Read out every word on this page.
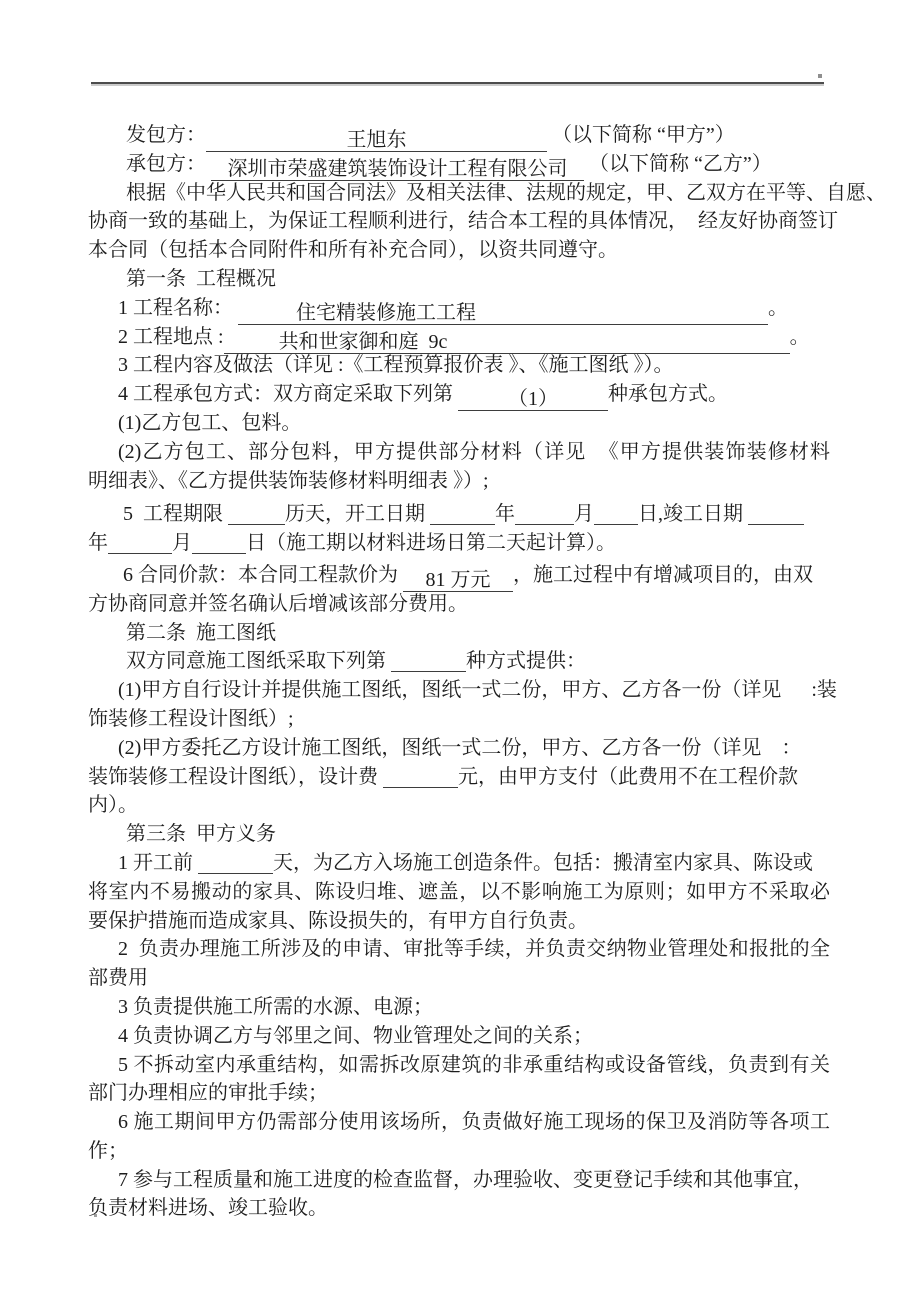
发包方：	王旭东	（以下简称 “甲方”）
承包方： 深圳市荣盛建筑装饰设计工程有限公司 （以下简称 “乙方”）
根据《中华人民共和国合同法》及相关法律、法规的规定，甲、乙双方在平等、自愿、
协商一致的基础上，为保证工程顺利进行，结合本工程的具体情况，  经友好协商签订
本合同（包括本合同附件和所有补充合同），以资共同遵守。
第一条  工程概况
1 工程名称：	住宅精装修施工工程	。
2 工程地点 :	共和世家御和庭  9c	。
3 工程内容及做法（详见 :《工程预算报价表 》、《施工图纸 》）。
4 工程承包方式：双方商定采取下列第	（1）	种承包方式。
(1)乙方包工、包料。
(2)乙方包工、部分包料，甲方提供部分材料（详见  《甲方提供装饰装修材料
明细表》、《乙方提供装饰装修材料明细表 》）;
5  工程期限	历天，开工日期	年	月 日,竣工日期
年	月	日（施工期以材料进场日第二天起计算）。
6 合同价款：本合同工程款价为 81 万元 ，施工过程中有增减项目的，由双
方协商同意并签名确认后增减该部分费用。
第二条  施工图纸
双方同意施工图纸采取下列第	种方式提供：
(1)甲方自行设计并提供施工图纸，图纸一式二份，甲方、乙方各一份（详见      :装
饰装修工程设计图纸）;
(2)甲方委托乙方设计施工图纸，图纸一式二份，甲方、乙方各一份（详见    ：
装饰装修工程设计图纸），设计费	元，由甲方支付（此费用不在工程价款
内）。
第三条  甲方义务
1 开工前	天，为乙方入场施工创造条件。包括：搬清室内家具、陈设或
将室内不易搬动的家具、陈设归堆、遮盖，以不影响施工为原则；如甲方不采取必
要保护措施而造成家具、陈设损失的，有甲方自行负责。
2  负责办理施工所涉及的申请、审批等手续，并负责交纳物业管理处和报批的全
部费用
3 负责提供施工所需的水源、电源；
4 负责协调乙方与邻里之间、物业管理处之间的关系；
5 不拆动室内承重结构，如需拆改原建筑的非承重结构或设备管线，负责到有关
部门办理相应的审批手续；
6 施工期间甲方仍需部分使用该场所，负责做好施工现场的保卫及消防等各项工
作；
7 参与工程质量和施工进度的检查监督，办理验收、变更登记手续和其他事宜，
负责材料进场、竣工验收。
